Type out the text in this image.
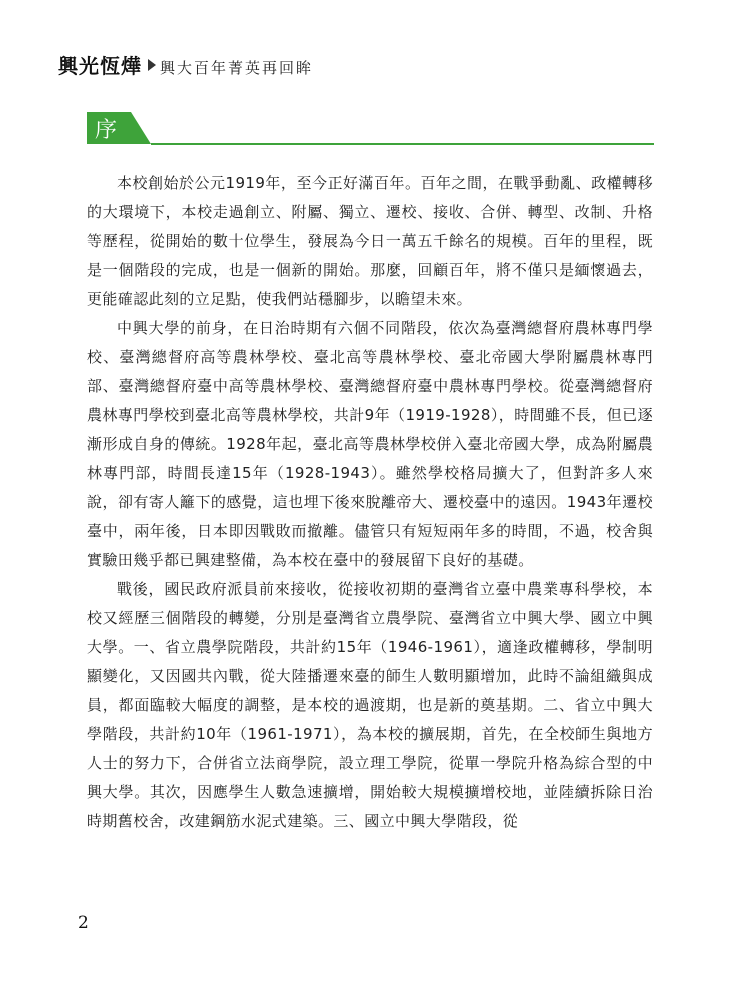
興光恆燁 興大百年菁英再回眸
序

本校創始於公元1919年，至今正好滿百年。百年之間，在戰爭動亂、政權轉移的大環境下，本校走過創立、附屬、獨立、遷校、接收、合併、轉型、改制、升格等歷程，從開始的數十位學生，發展為今日一萬五千餘名的規模。百年的里程，既是一個階段的完成，也是一個新的開始。那麼，回顧百年，將不僅只是緬懷過去，更能確認此刻的立足點，使我們站穩腳步，以瞻望未來。

中興大學的前身，在日治時期有六個不同階段，依次為臺灣總督府農林專門學校、臺灣總督府高等農林學校、臺北高等農林學校、臺北帝國大學附屬農林專門部、臺灣總督府臺中高等農林學校、臺灣總督府臺中農林專門學校。從臺灣總督府農林專門學校到臺北高等農林學校，共計9年（1919-1928），時間雖不長，但已逐漸形成自身的傳統。1928年起，臺北高等農林學校併入臺北帝國大學，成為附屬農林專門部，時間長達15年（1928-1943）。雖然學校格局擴大了，但對許多人來說，卻有寄人籬下的感覺，這也埋下後來脫離帝大、遷校臺中的遠因。1943年遷校臺中，兩年後，日本即因戰敗而撤離。儘管只有短短兩年多的時間，不過，校舍與實驗田幾乎都已興建整備，為本校在臺中的發展留下良好的基礎。

戰後，國民政府派員前來接收，從接收初期的臺灣省立臺中農業專科學校，本校又經歷三個階段的轉變，分別是臺灣省立農學院、臺灣省立中興大學、國立中興大學。一、省立農學院階段，共計約15年（1946-1961），適逢政權轉移，學制明顯變化，又因國共內戰，從大陸播遷來臺的師生人數明顯增加，此時不論組織與成員，都面臨較大幅度的調整，是本校的過渡期，也是新的奠基期。二、省立中興大學階段，共計約10年（1961-1971），為本校的擴展期，首先，在全校師生與地方人士的努力下，合併省立法商學院，設立理工學院，從單一學院升格為綜合型的中興大學。其次，因應學生人數急速擴增，開始較大規模擴增校地，並陸續拆除日治時期舊校舍，改建鋼筋水泥式建築。三、國立中興大學階段，從

2
